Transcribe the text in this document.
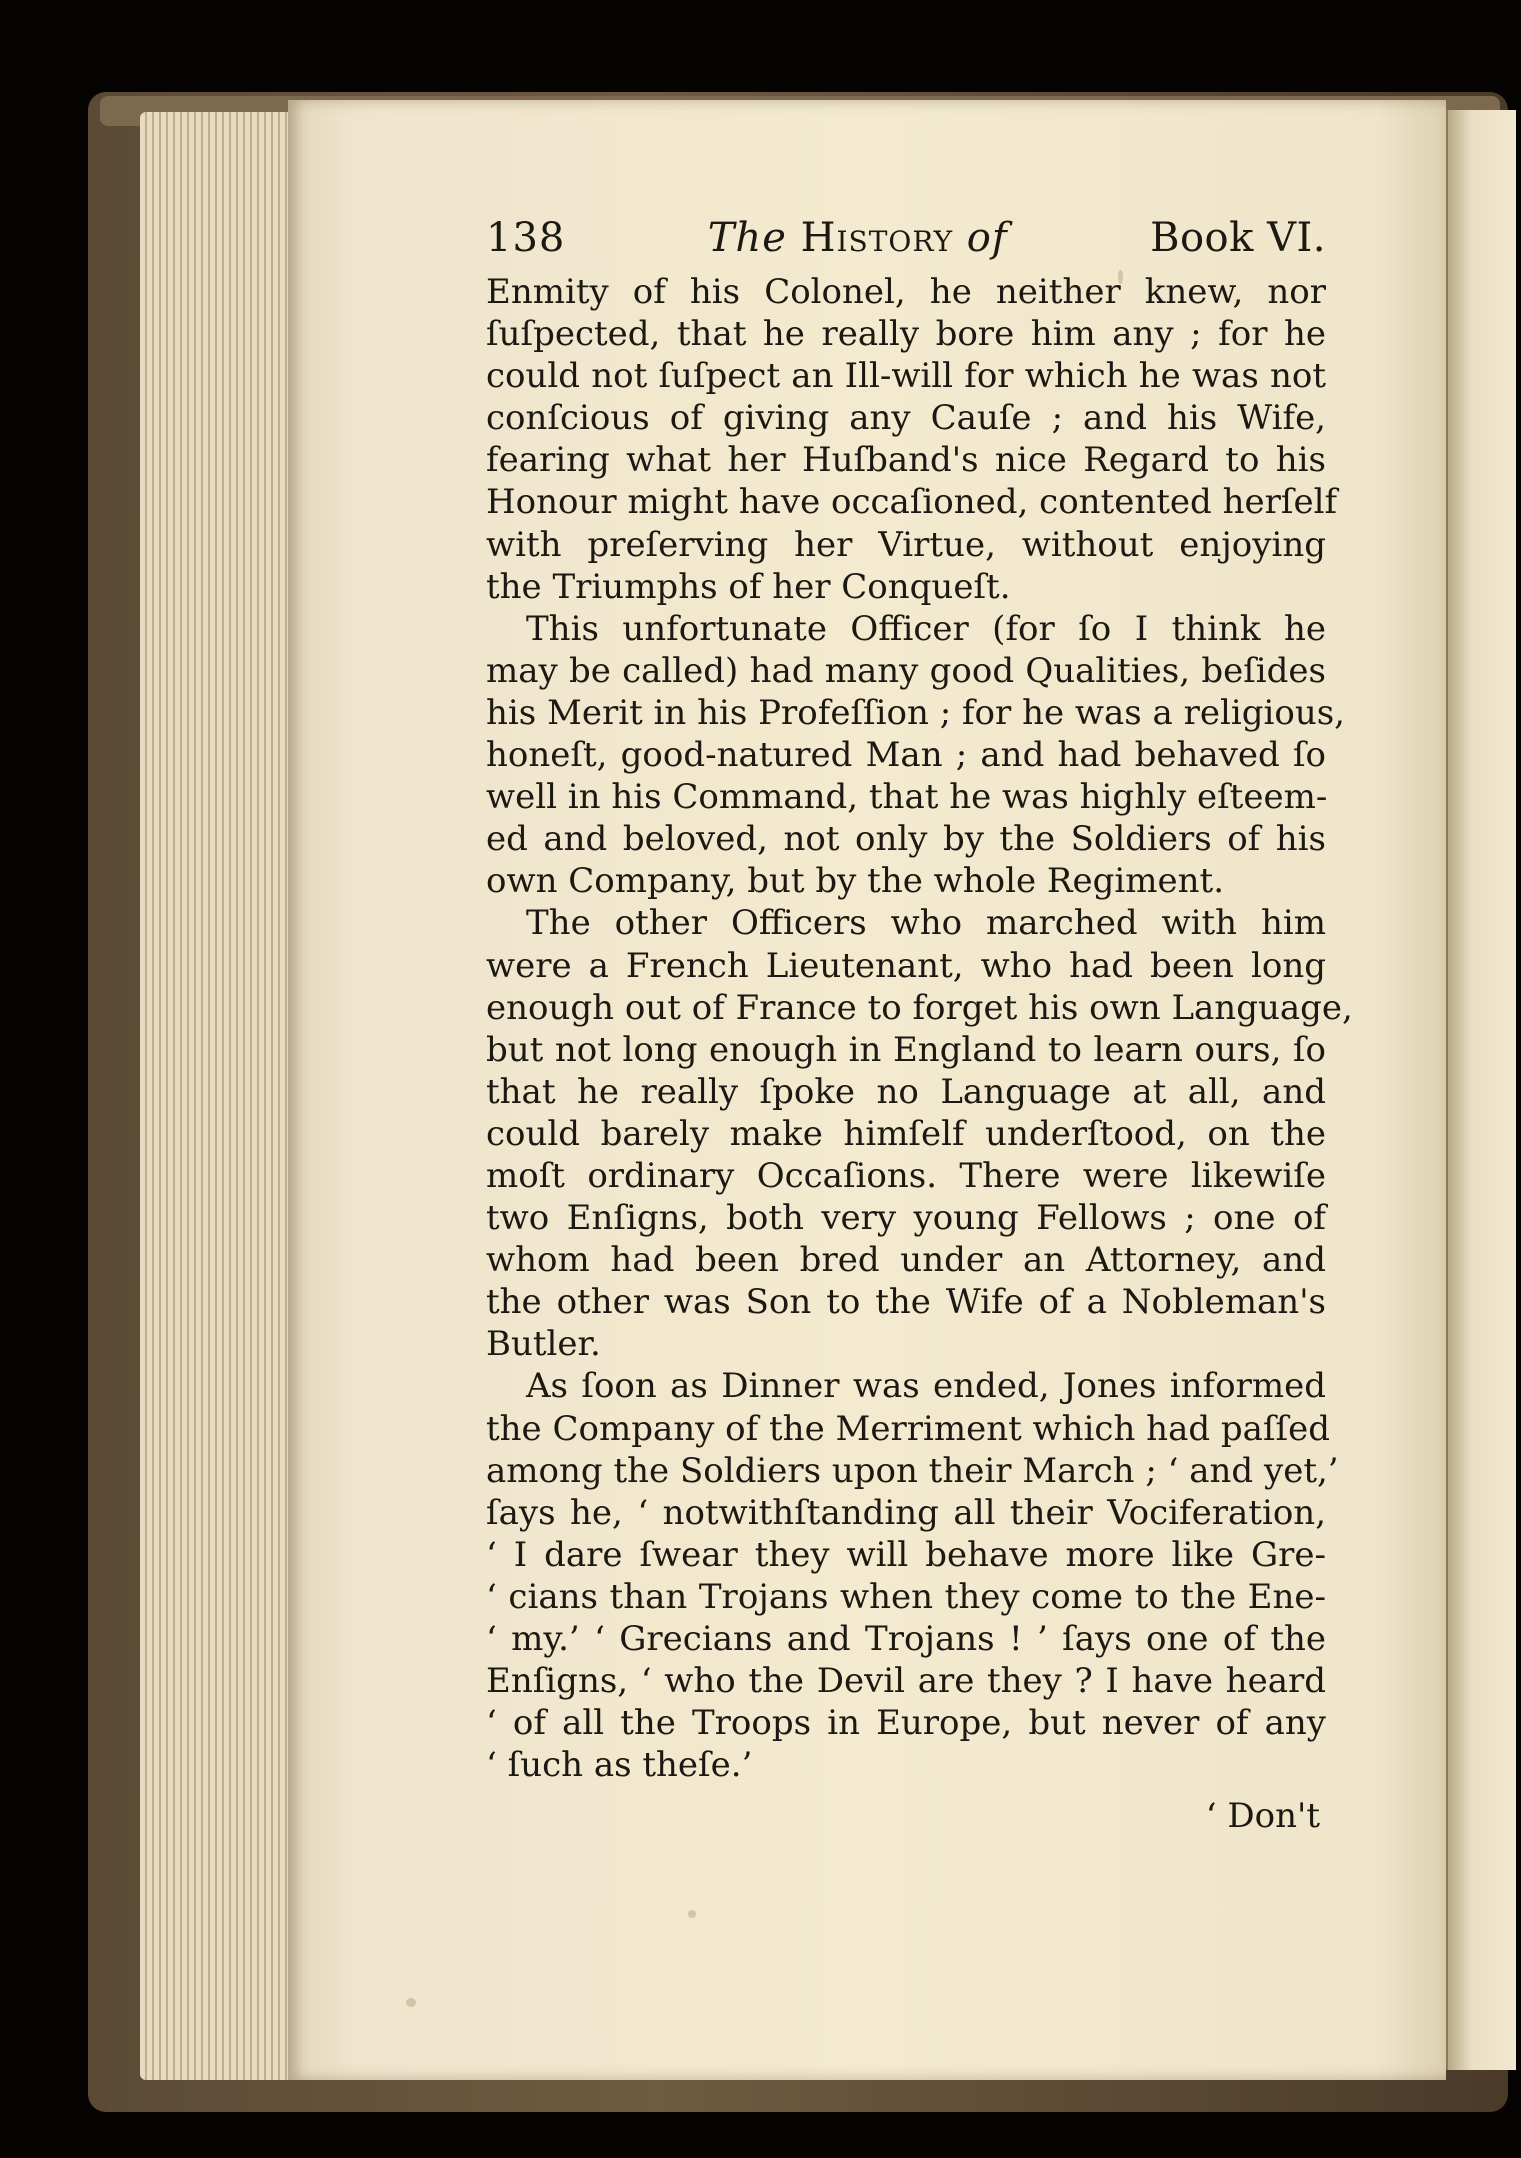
138	The History of	Book VI.
Enmity of his Colonel, he neither knew, nor
ſuſpected, that he really bore him any ; for he
could not ſuſpect an Ill-will for which he was not
conſcious of giving any Cauſe ; and his Wife,
fearing what her Huſband's nice Regard to his
Honour might have occaſioned, contented herſelf
with preſerving her Virtue, without enjoying
the Triumphs of her Conqueſt.
This unfortunate Officer (for ſo I think he
may be called) had many good Qualities, beſides
his Merit in his Profeſſion ; for he was a religious,
honeſt, good-natured Man ; and had behaved ſo
well in his Command, that he was highly eſteem-
ed and beloved, not only by the Soldiers of his
own Company, but by the whole Regiment.
The other Officers who marched with him
were a French Lieutenant, who had been long
enough out of France to forget his own Language,
but not long enough in England to learn ours, ſo
that he really ſpoke no Language at all, and
could barely make himſelf underſtood, on the
moſt ordinary Occaſions. There were likewiſe
two Enſigns, both very young Fellows ; one of
whom had been bred under an Attorney, and
the other was Son to the Wife of a Nobleman's
Butler.
As ſoon as Dinner was ended, Jones informed
the Company of the Merriment which had paſſed
among the Soldiers upon their March ; ‘ and yet,’
ſays he, ‘ notwithſtanding all their Vociferation,
‘ I dare ſwear they will behave more like Gre-
‘ cians than Trojans when they come to the Ene-
‘ my.’ ‘ Grecians and Trojans ! ’ ſays one of the
Enſigns, ‘ who the Devil are they ? I have heard
‘ of all the Troops in Europe, but never of any
‘ ſuch as theſe.’
‘ Don't
